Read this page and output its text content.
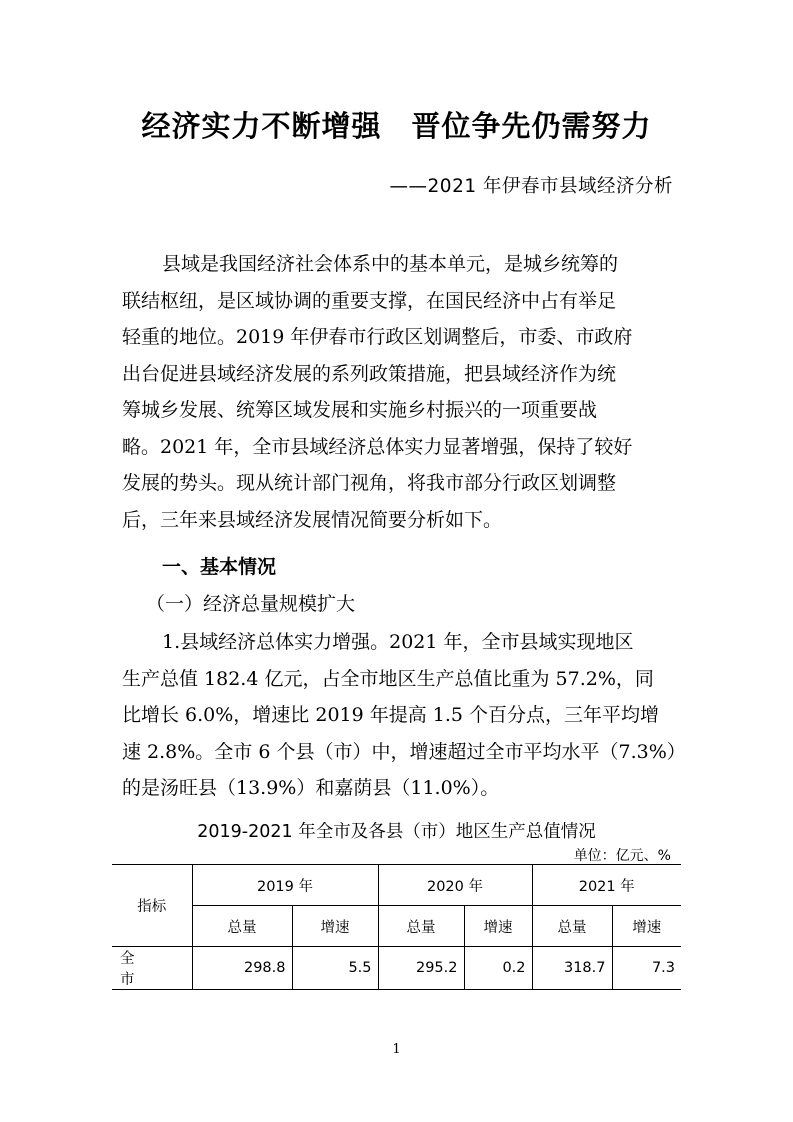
经济实力不断增强　晋位争先仍需努力
——2021 年伊春市县域经济分析
县域是我国经济社会体系中的基本单元，是城乡统筹的
联结枢纽，是区域协调的重要支撑，在国民经济中占有举足
轻重的地位。2019 年伊春市行政区划调整后，市委、市政府
出台促进县域经济发展的系列政策措施，把县域经济作为统
筹城乡发展、统筹区域发展和实施乡村振兴的一项重要战
略。2021 年，全市县域经济总体实力显著增强，保持了较好
发展的势头。现从统计部门视角，将我市部分行政区划调整
后，三年来县域经济发展情况简要分析如下。
一、基本情况
（一）经济总量规模扩大
1.县域经济总体实力增强。2021 年，全市县域实现地区
生产总值 182.4 亿元，占全市地区生产总值比重为 57.2%，同
比增长 6.0%，增速比 2019 年提高 1.5 个百分点，三年平均增
速 2.8%。全市 6 个县（市）中，增速超过全市平均水平（7.3%）
的是汤旺县（13.9%）和嘉荫县（11.0%）。
2019-2021 年全市及各县（市）地区生产总值情况
单位：亿元、%
指标	2019 年		2020 年		2021 年	
	总量	增速	总量	增速	总量	增速
全市	298.8	5.5	295.2	0.2	318.7	7.3
1
